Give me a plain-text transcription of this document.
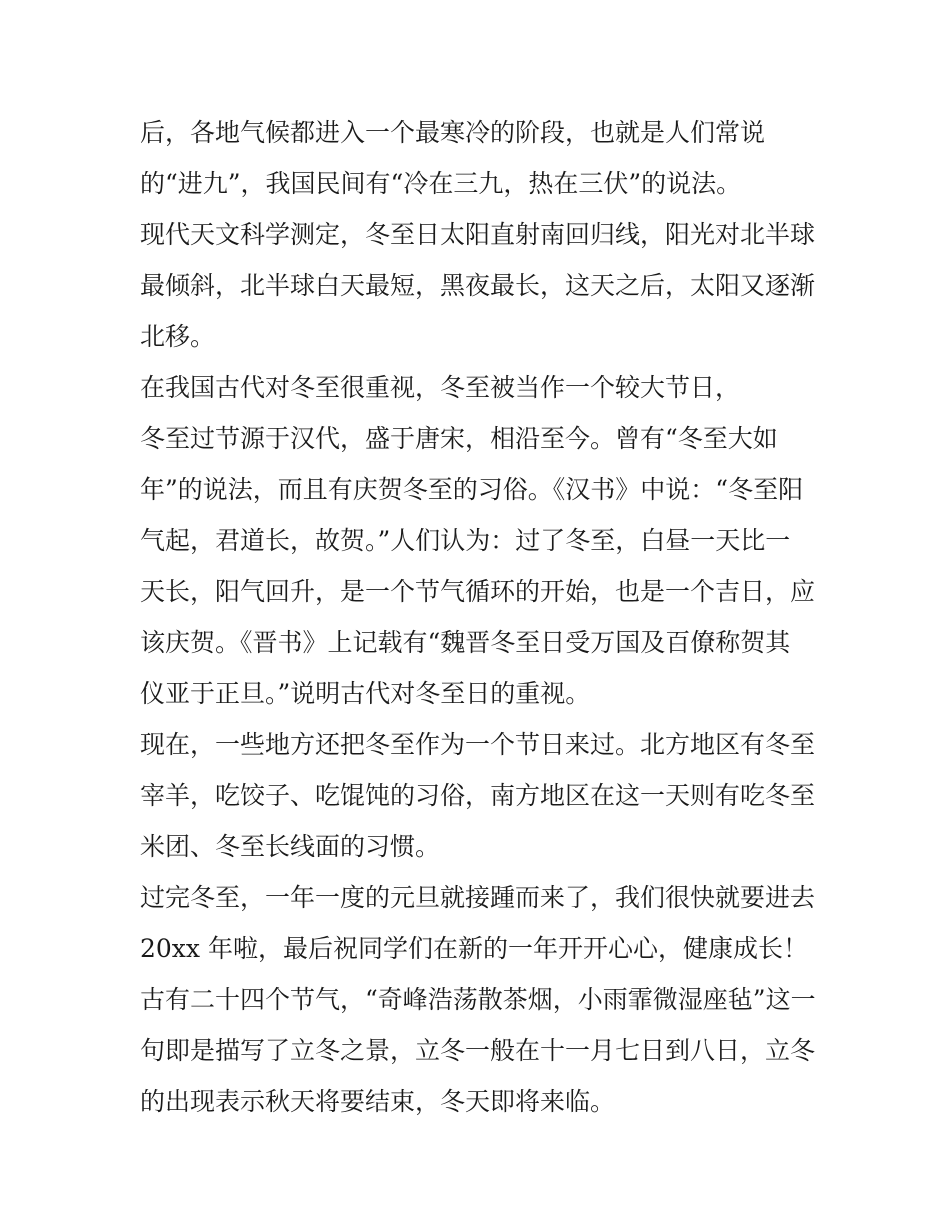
后，各地气候都进入一个最寒冷的阶段，也就是人们常说
的“进九”，我国民间有“冷在三九，热在三伏”的说法。
现代天文科学测定，冬至日太阳直射南回归线，阳光对北半球
最倾斜，北半球白天最短，黑夜最长，这天之后，太阳又逐渐
北移。
在我国古代对冬至很重视，冬至被当作一个较大节日，
冬至过节源于汉代，盛于唐宋，相沿至今。曾有“冬至大如
年”的说法，而且有庆贺冬至的习俗。《汉书》中说：“冬至阳
气起，君道长，故贺。”人们认为：过了冬至，白昼一天比一
天长，阳气回升，是一个节气循环的开始，也是一个吉日，应
该庆贺。《晋书》上记载有“魏晋冬至日受万国及百僚称贺其
仪亚于正旦。”说明古代对冬至日的重视。
现在，一些地方还把冬至作为一个节日来过。北方地区有冬至
宰羊，吃饺子、吃馄饨的习俗，南方地区在这一天则有吃冬至
米团、冬至长线面的习惯。
过完冬至，一年一度的元旦就接踵而来了，我们很快就要进去
20xx 年啦，最后祝同学们在新的一年开开心心，健康成长！
古有二十四个节气，“奇峰浩荡散茶烟，小雨霏微湿座毡”这一
句即是描写了立冬之景，立冬一般在十一月七日到八日，立冬
的出现表示秋天将要结束，冬天即将来临。
